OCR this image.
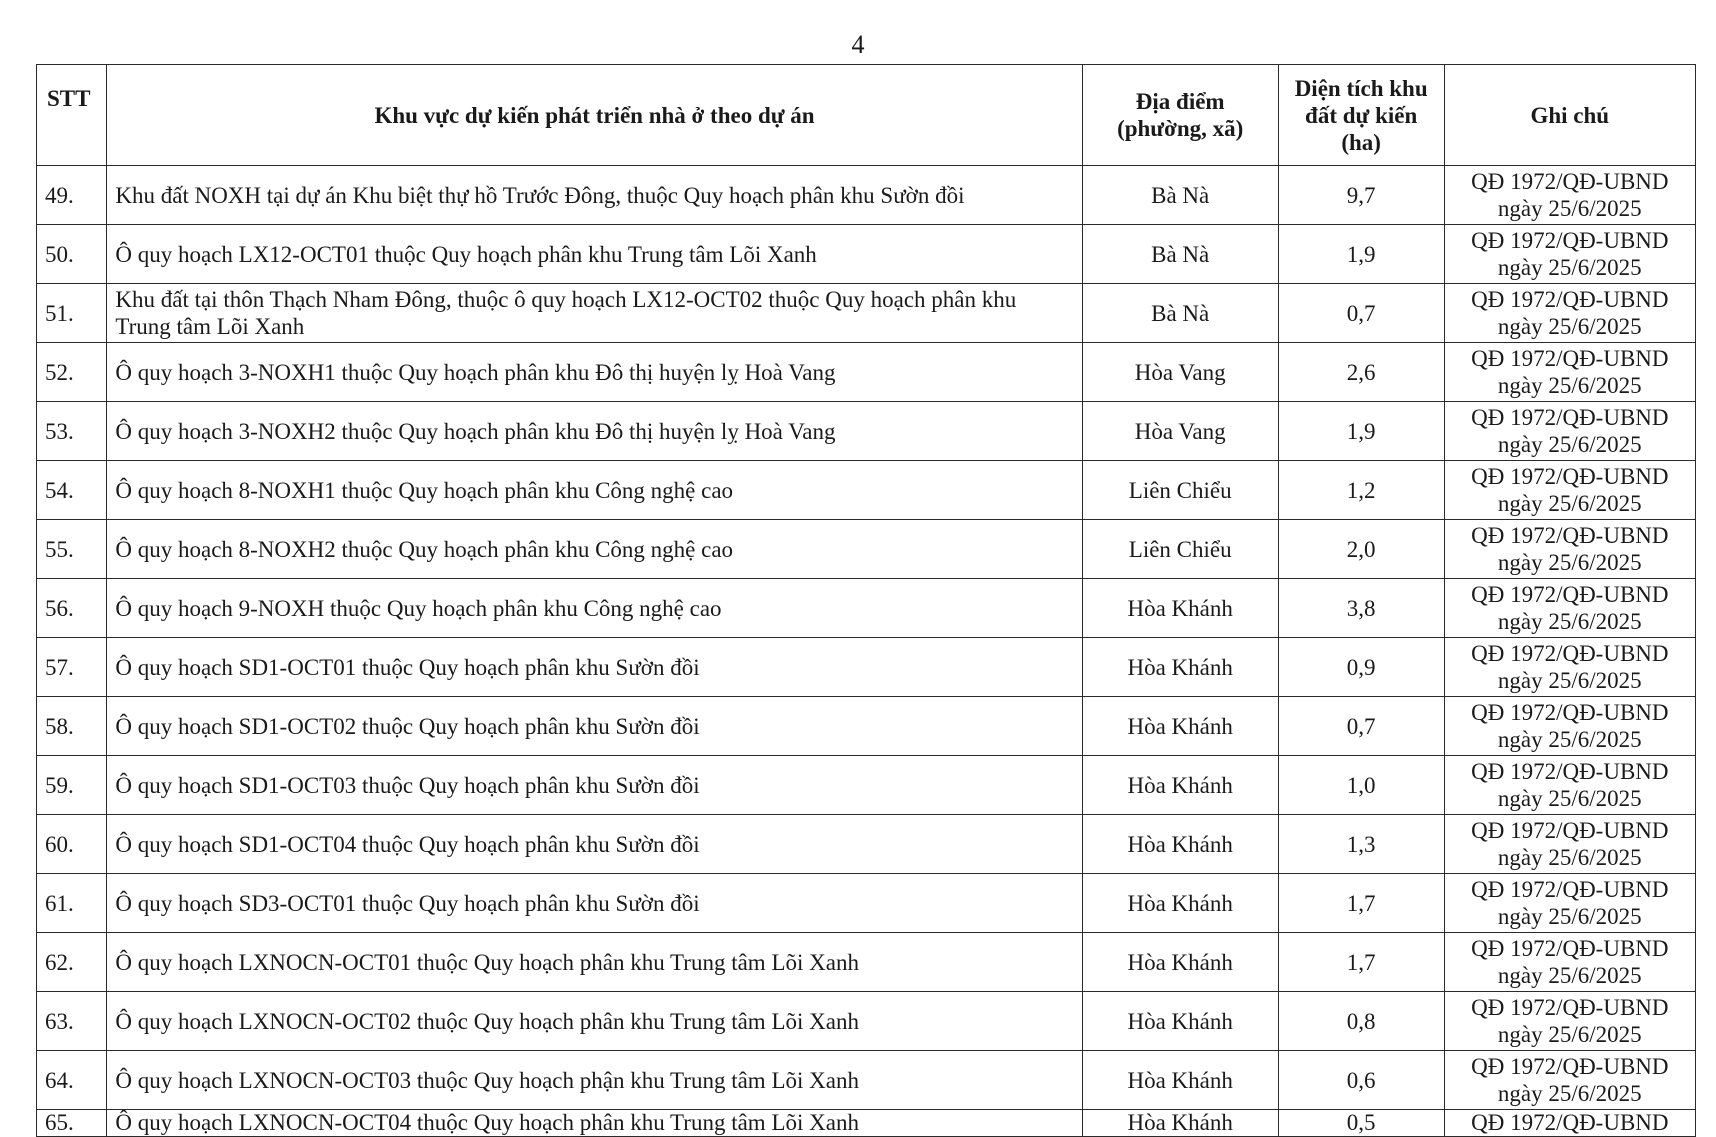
4
STT	Khu vực dự kiến phát triển nhà ở theo dự án	Địa điểm (phường, xã)	Diện tích khu đất dự kiến (ha)	Ghi chú
49.	Khu đất NOXH tại dự án Khu biệt thự hồ Trước Đông, thuộc Quy hoạch phân khu Sườn đồi	Bà Nà	9,7	QĐ 1972/QĐ-UBND
ngày 25/6/2025

50.	Ô quy hoạch LX12-OCT01 thuộc Quy hoạch phân khu Trung tâm Lõi Xanh	Bà Nà	1,9	QĐ 1972/QĐ-UBND
ngày 25/6/2025

51.	Khu đất tại thôn Thạch Nham Đông, thuộc ô quy hoạch LX12-OCT02 thuộc Quy hoạch phân khu Trung tâm Lõi Xanh	Bà Nà	0,7	QĐ 1972/QĐ-UBND
ngày 25/6/2025

52.	Ô quy hoạch 3-NOXH1 thuộc Quy hoạch phân khu Đô thị huyện lỵ Hoà Vang	Hòa Vang	2,6	QĐ 1972/QĐ-UBND
ngày 25/6/2025

53.	Ô quy hoạch 3-NOXH2 thuộc Quy hoạch phân khu Đô thị huyện lỵ Hoà Vang	Hòa Vang	1,9	QĐ 1972/QĐ-UBND
ngày 25/6/2025

54.	Ô quy hoạch 8-NOXH1 thuộc Quy hoạch phân khu Công nghệ cao	Liên Chiểu	1,2	QĐ 1972/QĐ-UBND
ngày 25/6/2025

55.	Ô quy hoạch 8-NOXH2 thuộc Quy hoạch phân khu Công nghệ cao	Liên Chiểu	2,0	QĐ 1972/QĐ-UBND
ngày 25/6/2025

56.	Ô quy hoạch 9-NOXH thuộc Quy hoạch phân khu Công nghệ cao	Hòa Khánh	3,8	QĐ 1972/QĐ-UBND
ngày 25/6/2025

57.	Ô quy hoạch SD1-OCT01 thuộc Quy hoạch phân khu Sườn đồi	Hòa Khánh	0,9	QĐ 1972/QĐ-UBND
ngày 25/6/2025

58.	Ô quy hoạch SD1-OCT02 thuộc Quy hoạch phân khu Sườn đồi	Hòa Khánh	0,7	QĐ 1972/QĐ-UBND
ngày 25/6/2025

59.	Ô quy hoạch SD1-OCT03 thuộc Quy hoạch phân khu Sườn đồi	Hòa Khánh	1,0	QĐ 1972/QĐ-UBND
ngày 25/6/2025

60.	Ô quy hoạch SD1-OCT04 thuộc Quy hoạch phân khu Sườn đồi	Hòa Khánh	1,3	QĐ 1972/QĐ-UBND
ngày 25/6/2025

61.	Ô quy hoạch SD3-OCT01 thuộc Quy hoạch phân khu Sườn đồi	Hòa Khánh	1,7	QĐ 1972/QĐ-UBND
ngày 25/6/2025

62.	Ô quy hoạch LXNOCN-OCT01 thuộc Quy hoạch phân khu Trung tâm Lõi Xanh	Hòa Khánh	1,7	QĐ 1972/QĐ-UBND
ngày 25/6/2025

63.	Ô quy hoạch LXNOCN-OCT02 thuộc Quy hoạch phân khu Trung tâm Lõi Xanh	Hòa Khánh	0,8	QĐ 1972/QĐ-UBND
ngày 25/6/2025

64.	Ô quy hoạch LXNOCN-OCT03 thuộc Quy hoạch phận khu Trung tâm Lõi Xanh	Hòa Khánh	0,6	QĐ 1972/QĐ-UBND
ngày 25/6/2025

65.	Ô quy hoạch LXNOCN-OCT04 thuộc Quy hoạch phân khu Trung tâm Lõi Xanh	Hòa Khánh	0,5	QĐ 1972/QĐ-UBND
